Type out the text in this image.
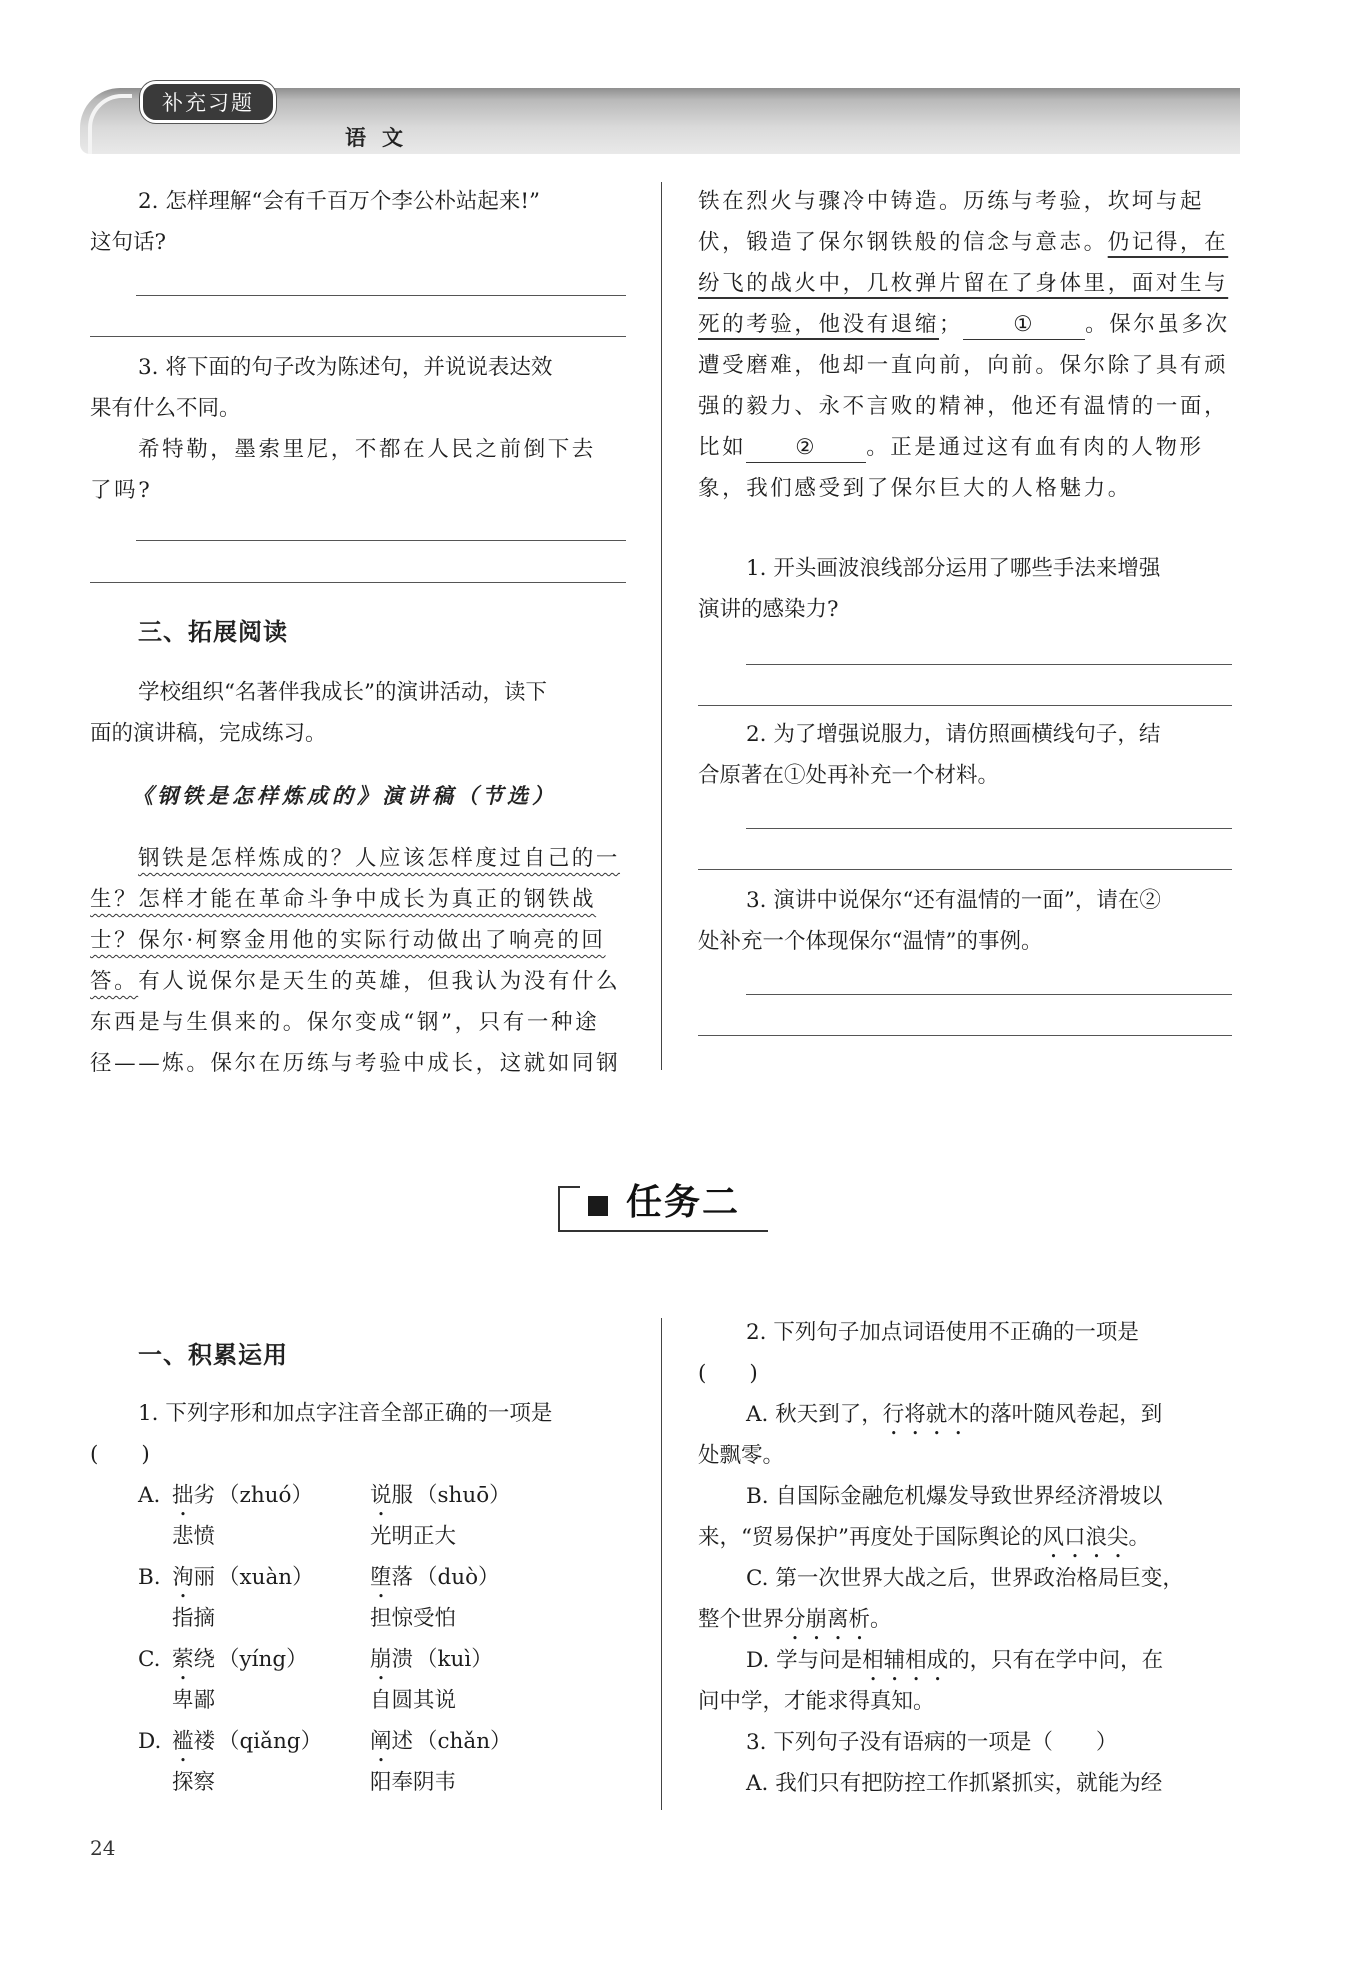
补充习题
语文
2. 怎样理解“会有千百万个李公朴站起来!”
这句话?
3. 将下面的句子改为陈述句，并说说表达效
果有什么不同。
希特勒，墨索里尼，不都在人民之前倒下去
了吗?
三、拓展阅读
学校组织“名著伴我成长”的演讲活动，读下
面的演讲稿，完成练习。
《钢铁是怎样炼成的》演讲稿（节选）
钢铁是怎样炼成的？人应该怎样度过自己的一
生？怎样才能在革命斗争中成长为真正的钢铁战
士？保尔·柯察金用他的实际行动做出了响亮的回
答。有人说保尔是天生的英雄，但我认为没有什么
东西是与生俱来的。保尔变成“钢”，只有一种途
径——炼。保尔在历练与考验中成长，这就如同钢
铁在烈火与骤冷中铸造。历练与考验，坎坷与起
伏，锻造了保尔钢铁般的信念与意志。仍记得，在
纷飞的战火中，几枚弹片留在了身体里，面对生与
死的考验，他没有退缩； ① 。保尔虽多次
遭受磨难，他却一直向前，向前。保尔除了具有顽
强的毅力、永不言败的精神，他还有温情的一面，
比如 ② 。正是通过这有血有肉的人物形
象，我们感受到了保尔巨大的人格魅力。
1. 开头画波浪线部分运用了哪些手法来增强
演讲的感染力?
2. 为了增强说服力，请仿照画横线句子，结
合原著在①处再补充一个材料。
3. 演讲中说保尔“还有温情的一面”，请在②
处补充一个体现保尔“温情”的事例。
任务二
一、积累运用
1. 下列字形和加点字注音全部正确的一项是
(　　)
A. 拙劣 （zhuó）	说服 （shuō）
悲愤	光明正大
B. 洵丽 （xuàn）	堕落 （duò）
指摘	担惊受怕
C. 萦绕 （yíng）	崩溃 （kuì）
卑鄙	自圆其说
D. 褴褛 （qiǎng） 阐述 （chǎn）
探察	阳奉阴韦
2. 下列句子加点词语使用不正确的一项是
(　　)
A. 秋天到了，行将就木的落叶随风卷起，到
处飘零。
B. 自国际金融危机爆发导致世界经济滑坡以
来，“贸易保护”再度处于国际舆论的风口浪尖。
C. 第一次世界大战之后，世界政治格局巨变，
整个世界分崩离析。
D. 学与问是相辅相成的，只有在学中问，在
问中学，才能求得真知。
3. 下列句子没有语病的一项是（　　）
A. 我们只有把防控工作抓紧抓实，就能为经
24
